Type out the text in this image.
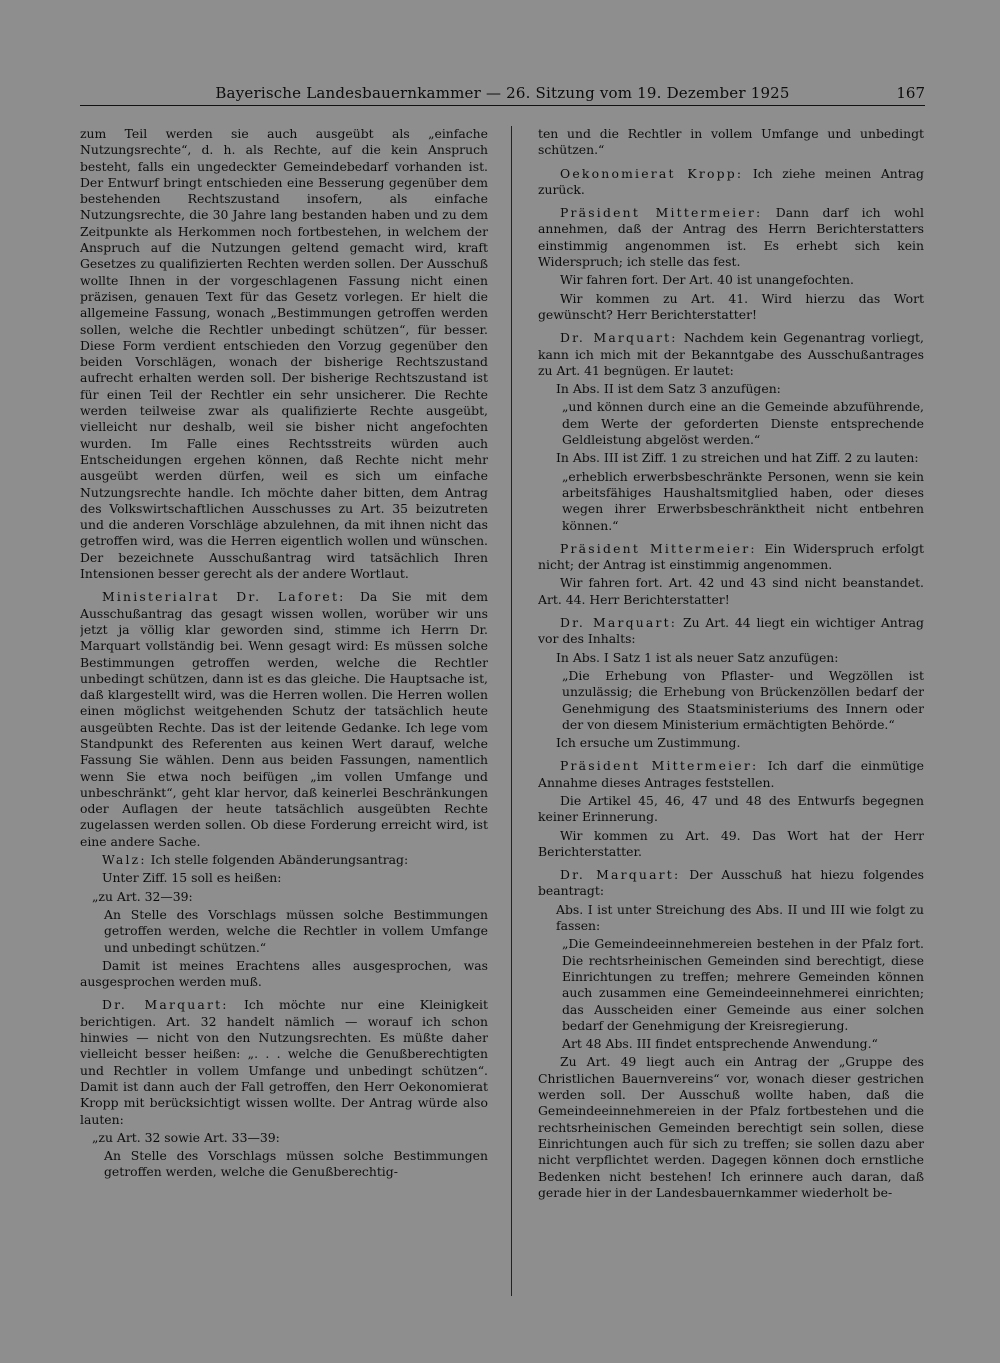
Bayerische Landesbauernkammer — 26. Sitzung vom 19. Dezember 1925	167

zum Teil werden sie auch ausgeübt als „einfache Nutzungsrechte“, d. h. als Rechte, auf die kein Anspruch besteht, falls ein ungedeckter Gemeindebedarf vorhanden ist. Der Entwurf bringt entschieden eine Besserung gegenüber dem bestehenden Rechtszustand insofern, als einfache Nutzungsrechte, die 30 Jahre lang bestanden haben und zu dem Zeitpunkte als Herkommen noch fortbestehen, in welchem der Anspruch auf die Nutzungen geltend gemacht wird, kraft Gesetzes zu qualifizierten Rechten werden sollen. Der Ausschuß wollte Ihnen in der vorgeschlagenen Fassung nicht einen präzisen, genauen Text für das Gesetz vorlegen. Er hielt die allgemeine Fassung, wonach „Bestimmungen getroffen werden sollen, welche die Rechtler unbedingt schützen“, für besser. Diese Form verdient entschieden den Vorzug gegenüber den beiden Vorschlägen, wonach der bisherige Rechtszustand aufrecht erhalten werden soll. Der bisherige Rechtszustand ist für einen Teil der Rechtler ein sehr unsicherer. Die Rechte werden teilweise zwar als qualifizierte Rechte ausgeübt, vielleicht nur deshalb, weil sie bisher nicht angefochten wurden. Im Falle eines Rechtsstreits würden auch Entscheidungen ergehen können, daß Rechte nicht mehr ausgeübt werden dürfen, weil es sich um einfache Nutzungsrechte handle. Ich möchte daher bitten, dem Antrag des Volkswirtschaftlichen Ausschusses zu Art. 35 beizutreten und die anderen Vorschläge abzulehnen, da mit ihnen nicht das getroffen wird, was die Herren eigentlich wollen und wünschen. Der bezeichnete Ausschußantrag wird tatsächlich Ihren Intensionen besser gerecht als der andere Wortlaut.

Ministerialrat Dr. Laforet: Da Sie mit dem Ausschußantrag das gesagt wissen wollen, worüber wir uns jetzt ja völlig klar geworden sind, stimme ich Herrn Dr. Marquart vollständig bei. Wenn gesagt wird: Es müssen solche Bestimmungen getroffen werden, welche die Rechtler unbedingt schützen, dann ist es das gleiche. Die Hauptsache ist, daß klargestellt wird, was die Herren wollen. Die Herren wollen einen möglichst weitgehenden Schutz der tatsächlich heute ausgeübten Rechte. Das ist der leitende Gedanke. Ich lege vom Standpunkt des Referenten aus keinen Wert darauf, welche Fassung Sie wählen. Denn aus beiden Fassungen, namentlich wenn Sie etwa noch beifügen „im vollen Umfange und unbeschränkt“, geht klar hervor, daß keinerlei Beschränkungen oder Auflagen der heute tatsächlich ausgeübten Rechte zugelassen werden sollen. Ob diese Forderung erreicht wird, ist eine andere Sache.

Walz: Ich stelle folgenden Abänderungsantrag:

Unter Ziff. 15 soll es heißen:

„zu Art. 32—39:

An Stelle des Vorschlags müssen solche Bestimmungen getroffen werden, welche die Rechtler in vollem Umfange und unbedingt schützen.“

Damit ist meines Erachtens alles ausgesprochen, was ausgesprochen werden muß.

Dr. Marquart: Ich möchte nur eine Kleinigkeit berichtigen. Art. 32 handelt nämlich — worauf ich schon hinwies — nicht von den Nutzungsrechten. Es müßte daher vielleicht besser heißen: „. . . welche die Genußberechtigten und Rechtler in vollem Umfange und unbedingt schützen“. Damit ist dann auch der Fall getroffen, den Herr Oekonomierat Kropp mit berücksichtigt wissen wollte. Der Antrag würde also lauten:

„zu Art. 32 sowie Art. 33—39:

An Stelle des Vorschlags müssen solche Bestimmungen getroffen werden, welche die Genußberechtig-

ten und die Rechtler in vollem Umfange und unbedingt schützen.“

Oekonomierat Kropp: Ich ziehe meinen Antrag zurück.

Präsident Mittermeier: Dann darf ich wohl annehmen, daß der Antrag des Herrn Berichterstatters einstimmig angenommen ist. Es erhebt sich kein Widerspruch; ich stelle das fest.

Wir fahren fort. Der Art. 40 ist unangefochten.

Wir kommen zu Art. 41. Wird hierzu das Wort gewünscht? Herr Berichterstatter!

Dr. Marquart: Nachdem kein Gegenantrag vorliegt, kann ich mich mit der Bekanntgabe des Ausschußantrages zu Art. 41 begnügen. Er lautet:

In Abs. II ist dem Satz 3 anzufügen:

„und können durch eine an die Gemeinde abzuführende, dem Werte der geforderten Dienste entsprechende Geldleistung abgelöst werden.“

In Abs. III ist Ziff. 1 zu streichen und hat Ziff. 2 zu lauten:

„erheblich erwerbsbeschränkte Personen, wenn sie kein arbeitsfähiges Haushaltsmitglied haben, oder dieses wegen ihrer Erwerbsbeschränktheit nicht entbehren können.“

Präsident Mittermeier: Ein Widerspruch erfolgt nicht; der Antrag ist einstimmig angenommen.

Wir fahren fort. Art. 42 und 43 sind nicht beanstandet. Art. 44. Herr Berichterstatter!

Dr. Marquart: Zu Art. 44 liegt ein wichtiger Antrag vor des Inhalts:

In Abs. I Satz 1 ist als neuer Satz anzufügen:

„Die Erhebung von Pflaster- und Wegzöllen ist unzulässig; die Erhebung von Brückenzöllen bedarf der Genehmigung des Staatsministeriums des Innern oder der von diesem Ministerium ermächtigten Behörde.“

Ich ersuche um Zustimmung.

Präsident Mittermeier: Ich darf die einmütige Annahme dieses Antrages feststellen.

Die Artikel 45, 46, 47 und 48 des Entwurfs begegnen keiner Erinnerung.

Wir kommen zu Art. 49. Das Wort hat der Herr Berichterstatter.

Dr. Marquart: Der Ausschuß hat hiezu folgendes beantragt:

Abs. I ist unter Streichung des Abs. II und III wie folgt zu fassen:

„Die Gemeindeeinnehmereien bestehen in der Pfalz fort. Die rechtsrheinischen Gemeinden sind berechtigt, diese Einrichtungen zu treffen; mehrere Gemeinden können auch zusammen eine Gemeindeeinnehmerei einrichten; das Ausscheiden einer Gemeinde aus einer solchen bedarf der Genehmigung der Kreisregierung.

Art 48 Abs. III findet entsprechende Anwendung.“

Zu Art. 49 liegt auch ein Antrag der „Gruppe des Christlichen Bauernvereins“ vor, wonach dieser gestrichen werden soll. Der Ausschuß wollte haben, daß die Gemeindeeinnehmereien in der Pfalz fortbestehen und die rechtsrheinischen Gemeinden berechtigt sein sollen, diese Einrichtungen auch für sich zu treffen; sie sollen dazu aber nicht verpflichtet werden. Dagegen können doch ernstliche Bedenken nicht bestehen! Ich erinnere auch daran, daß gerade hier in der Landesbauernkammer wiederholt be-
